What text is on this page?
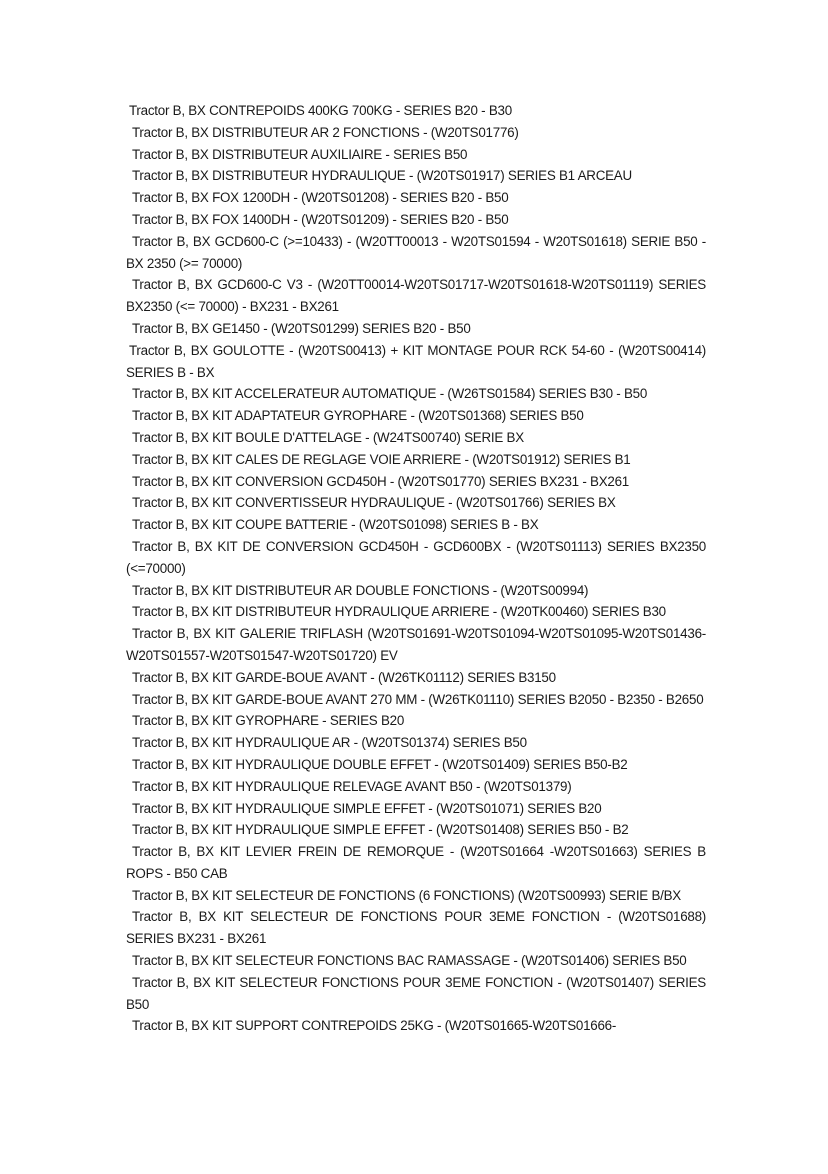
Tractor B, BX CONTREPOIDS 400KG 700KG - SERIES B20 - B30
Tractor B, BX DISTRIBUTEUR AR 2 FONCTIONS - (W20TS01776)
Tractor B, BX DISTRIBUTEUR AUXILIAIRE - SERIES B50
Tractor B, BX DISTRIBUTEUR HYDRAULIQUE - (W20TS01917) SERIES B1 ARCEAU
Tractor B, BX FOX 1200DH - (W20TS01208) - SERIES B20 - B50
Tractor B, BX FOX 1400DH - (W20TS01209) - SERIES B20 - B50
Tractor B, BX GCD600-C (>=10433) - (W20TT00013 - W20TS01594 - W20TS01618) SERIE B50 - BX 2350 (>= 70000)
Tractor B, BX GCD600-C V3 - (W20TT00014-W20TS01717-W20TS01618-W20TS01119) SERIES BX2350 (<= 70000) - BX231 - BX261
Tractor B, BX GE1450 - (W20TS01299) SERIES B20 - B50
Tractor B, BX GOULOTTE - (W20TS00413) + KIT MONTAGE POUR RCK 54-60 - (W20TS00414) SERIES B - BX
Tractor B, BX KIT ACCELERATEUR AUTOMATIQUE - (W26TS01584) SERIES B30 - B50
Tractor B, BX KIT ADAPTATEUR GYROPHARE - (W20TS01368) SERIES B50
Tractor B, BX KIT BOULE D'ATTELAGE - (W24TS00740) SERIE BX
Tractor B, BX KIT CALES DE REGLAGE VOIE ARRIERE - (W20TS01912) SERIES B1
Tractor B, BX KIT CONVERSION GCD450H - (W20TS01770) SERIES BX231 - BX261
Tractor B, BX KIT CONVERTISSEUR HYDRAULIQUE - (W20TS01766) SERIES BX
Tractor B, BX KIT COUPE BATTERIE - (W20TS01098) SERIES B - BX
Tractor B, BX KIT DE CONVERSION GCD450H - GCD600BX - (W20TS01113) SERIES BX2350 (<=70000)
Tractor B, BX KIT DISTRIBUTEUR AR DOUBLE FONCTIONS - (W20TS00994)
Tractor B, BX KIT DISTRIBUTEUR HYDRAULIQUE ARRIERE - (W20TK00460) SERIES B30
Tractor B, BX KIT GALERIE TRIFLASH (W20TS01691-W20TS01094-W20TS01095-W20TS01436-W20TS01557-W20TS01547-W20TS01720) EV
Tractor B, BX KIT GARDE-BOUE AVANT - (W26TK01112) SERIES B3150
Tractor B, BX KIT GARDE-BOUE AVANT 270 MM - (W26TK01110) SERIES B2050 - B2350 - B2650
Tractor B, BX KIT GYROPHARE - SERIES B20
Tractor B, BX KIT HYDRAULIQUE AR - (W20TS01374) SERIES B50
Tractor B, BX KIT HYDRAULIQUE DOUBLE EFFET - (W20TS01409) SERIES B50-B2
Tractor B, BX KIT HYDRAULIQUE RELEVAGE AVANT B50 - (W20TS01379)
Tractor B, BX KIT HYDRAULIQUE SIMPLE EFFET - (W20TS01071) SERIES B20
Tractor B, BX KIT HYDRAULIQUE SIMPLE EFFET - (W20TS01408) SERIES B50 - B2
Tractor B, BX KIT LEVIER FREIN DE REMORQUE - (W20TS01664 -W20TS01663) SERIES B ROPS - B50 CAB
Tractor B, BX KIT SELECTEUR DE FONCTIONS (6 FONCTIONS) (W20TS00993) SERIE B/BX
Tractor B, BX KIT SELECTEUR DE FONCTIONS POUR 3EME FONCTION - (W20TS01688) SERIES BX231 - BX261
Tractor B, BX KIT SELECTEUR FONCTIONS BAC RAMASSAGE - (W20TS01406) SERIES B50
Tractor B, BX KIT SELECTEUR FONCTIONS POUR 3EME FONCTION - (W20TS01407) SERIES B50
Tractor B, BX KIT SUPPORT CONTREPOIDS 25KG - (W20TS01665-W20TS01666-
